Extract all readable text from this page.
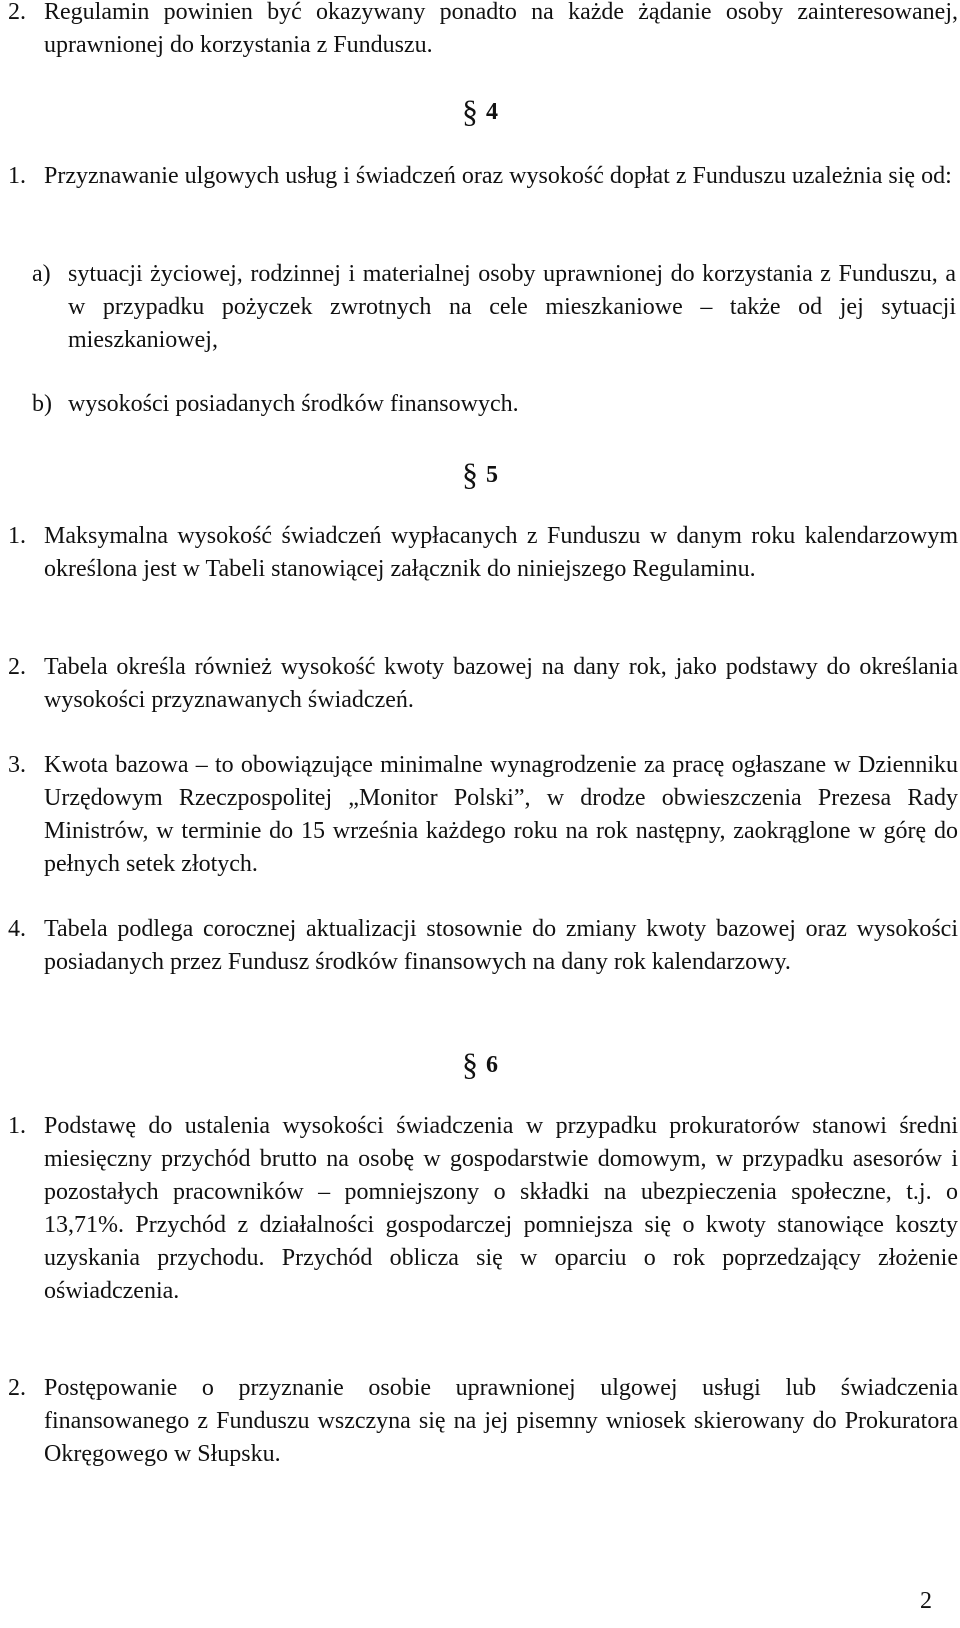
2. Regulamin powinien być okazywany ponadto na każde żądanie osoby zainteresowanej, uprawnionej do korzystania z Funduszu.
§ 4
1. Przyznawanie ulgowych usług i świadczeń oraz wysokość dopłat z Funduszu uzależnia się od:
a) sytuacji życiowej, rodzinnej i materialnej osoby uprawnionej do korzystania z Funduszu, a w przypadku pożyczek zwrotnych na cele mieszkaniowe – także od jej sytuacji mieszkaniowej,
b) wysokości posiadanych środków finansowych.
§ 5
1. Maksymalna wysokość świadczeń wypłacanych z Funduszu w danym roku kalendarzowym określona jest w Tabeli stanowiącej załącznik do niniejszego Regulaminu.
2. Tabela określa również wysokość kwoty bazowej na dany rok, jako podstawy do określania wysokości przyznawanych świadczeń.
3. Kwota bazowa – to obowiązujące minimalne wynagrodzenie za pracę ogłaszane w Dzienniku Urzędowym Rzeczpospolitej „Monitor Polski”, w drodze obwieszczenia Prezesa Rady Ministrów, w terminie do 15 września każdego roku na rok następny, zaokrąglone w górę do pełnych setek złotych.
4. Tabela podlega corocznej aktualizacji stosownie do zmiany kwoty bazowej oraz wysokości posiadanych przez Fundusz środków finansowych na dany rok kalendarzowy.
§ 6
1. Podstawę do ustalenia wysokości świadczenia w przypadku prokuratorów stanowi średni miesięczny przychód brutto na osobę w gospodarstwie domowym, w przypadku asesorów i pozostałych pracowników – pomniejszony o składki na ubezpieczenia społeczne, t.j. o 13,71%. Przychód z działalności gospodarczej pomniejsza się o kwoty stanowiące koszty uzyskania przychodu. Przychód oblicza się w oparciu o rok poprzedzający złożenie oświadczenia.
2. Postępowanie o przyznanie osobie uprawnionej ulgowej usługi lub świadczenia finansowanego z Funduszu wszczyna się na jej pisemny wniosek skierowany do Prokuratora Okręgowego w Słupsku.
2
